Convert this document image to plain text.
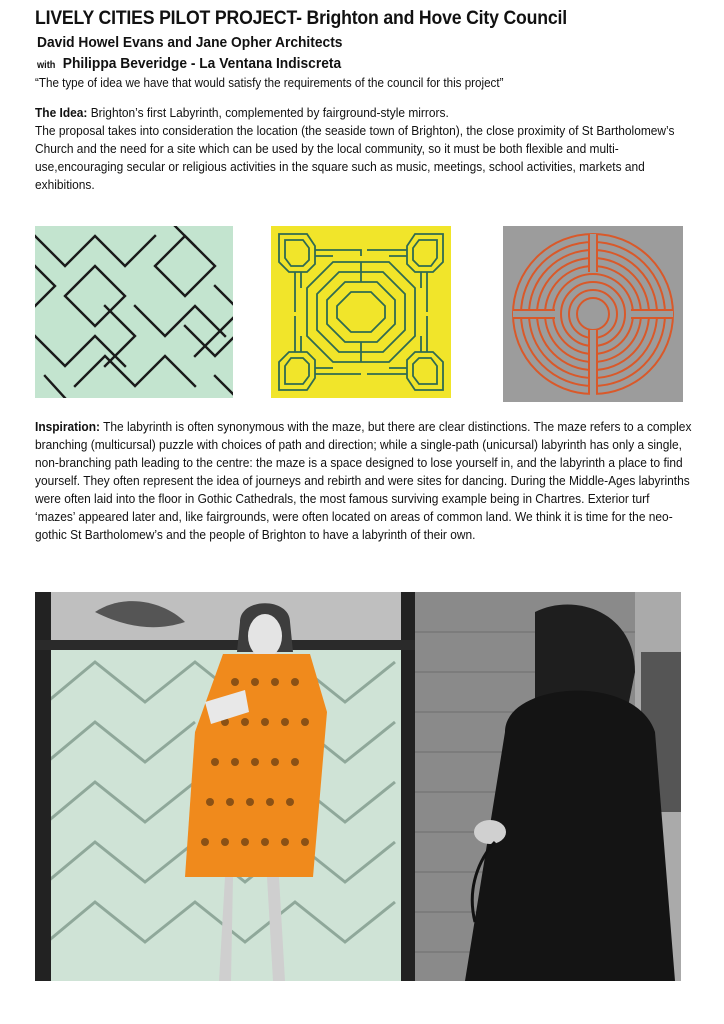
LIVELY CITIES PILOT PROJECT- Brighton and Hove City Council
David Howel Evans and Jane Opher Architects
with Philippa Beveridge - La Ventana Indiscreta
“The type of idea we have that would satisfy the requirements of the council for this project”
The Idea: Brighton’s first Labyrinth, complemented by fairground-style mirrors.
The proposal takes into consideration the location (the seaside town of Brighton), the close proximity of St Bartholomew’s Church and the need for a site which can be used by the local community, so it must be both flexible and multi-use,encouraging secular or religious activities in the square such as music, meetings, school activities, markets and exhibitions.
Inspiration: The labyrinth is often synonymous with the maze, but there are clear distinctions. The maze refers to a complex branching (multicursal) puzzle with choices of path and direction; while a single-path (unicursal) labyrinth has only a single, non-branching path leading to the centre: the maze is a space designed to lose yourself in, and the labyrinth a place to find yourself. They often represent the idea of journeys and rebirth and were sites for dancing. During the Middle-Ages labyrinths were often laid into the floor in Gothic Cathedrals, the most famous surviving example being in Chartres. Exterior turf ‘mazes’ appeared later and, like fairgrounds, were often located on areas of common land. We think it is time for the neo-gothic St Bartholomew’s and the people of Brighton to have a labyrinth of their own.
